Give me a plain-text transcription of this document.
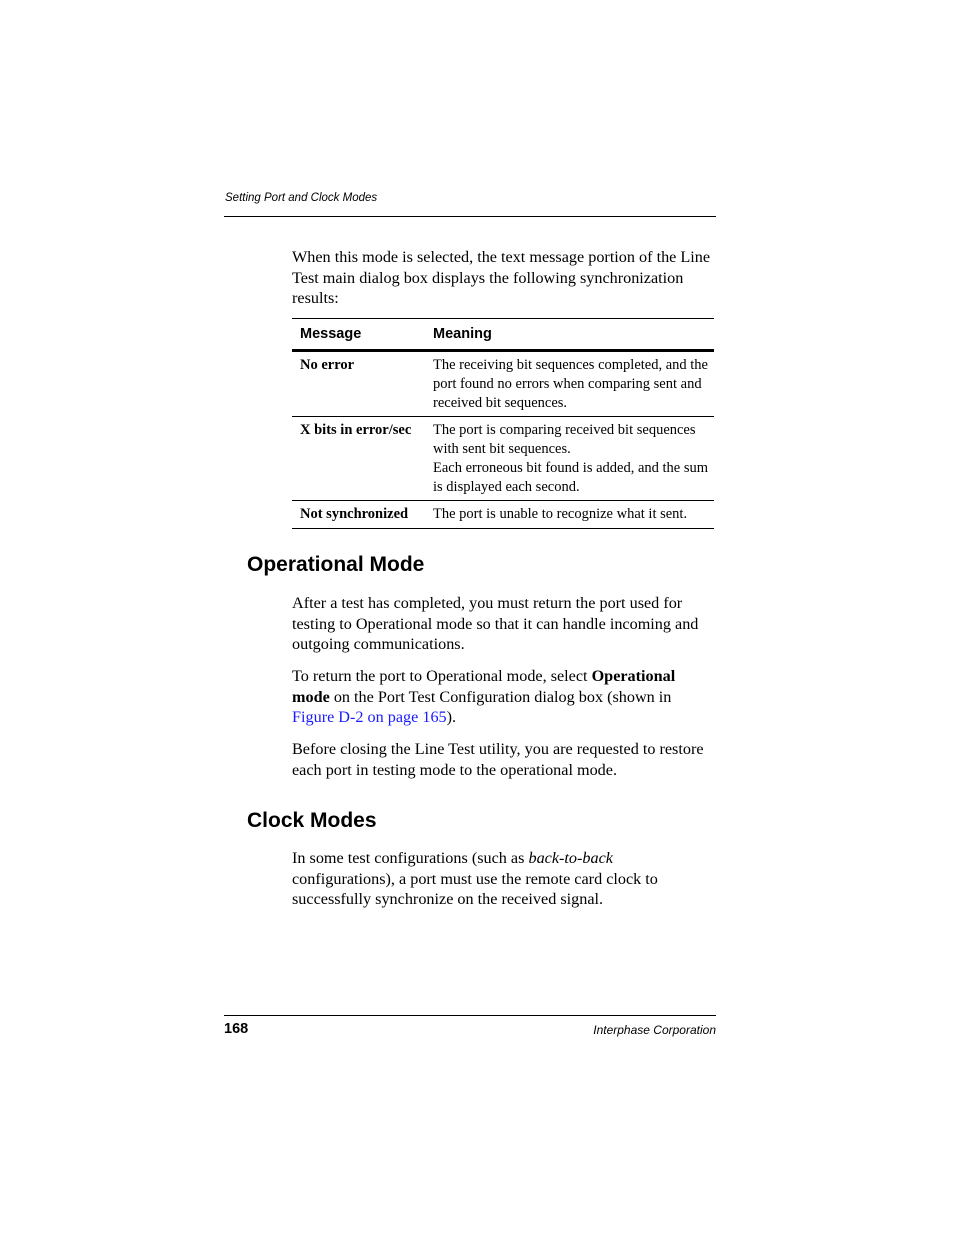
Setting Port and Clock Modes

When this mode is selected, the text message portion of the Line Test main dialog box displays the following synchronization results:

Message	Meaning
No error	The receiving bit sequences completed, and the port found no errors when comparing sent and received bit sequences.
X bits in error/sec	The port is comparing received bit sequences with sent bit sequences.
Each erroneous bit found is added, and the sum is displayed each second.

Not synchronized	The port is unable to recognize what it sent.
Operational Mode

After a test has completed, you must return the port used for testing to Operational mode so that it can handle incoming and outgoing communications.

To return the port to Operational mode, select Operational mode on the Port Test Configuration dialog box (shown in Figure D-2 on page 165).

Before closing the Line Test utility, you are requested to restore each port in testing mode to the operational mode.

Clock Modes

In some test configurations (such as back-to-back configurations), a port must use the remote card clock to successfully synchronize on the received signal.

168	Interphase Corporation
